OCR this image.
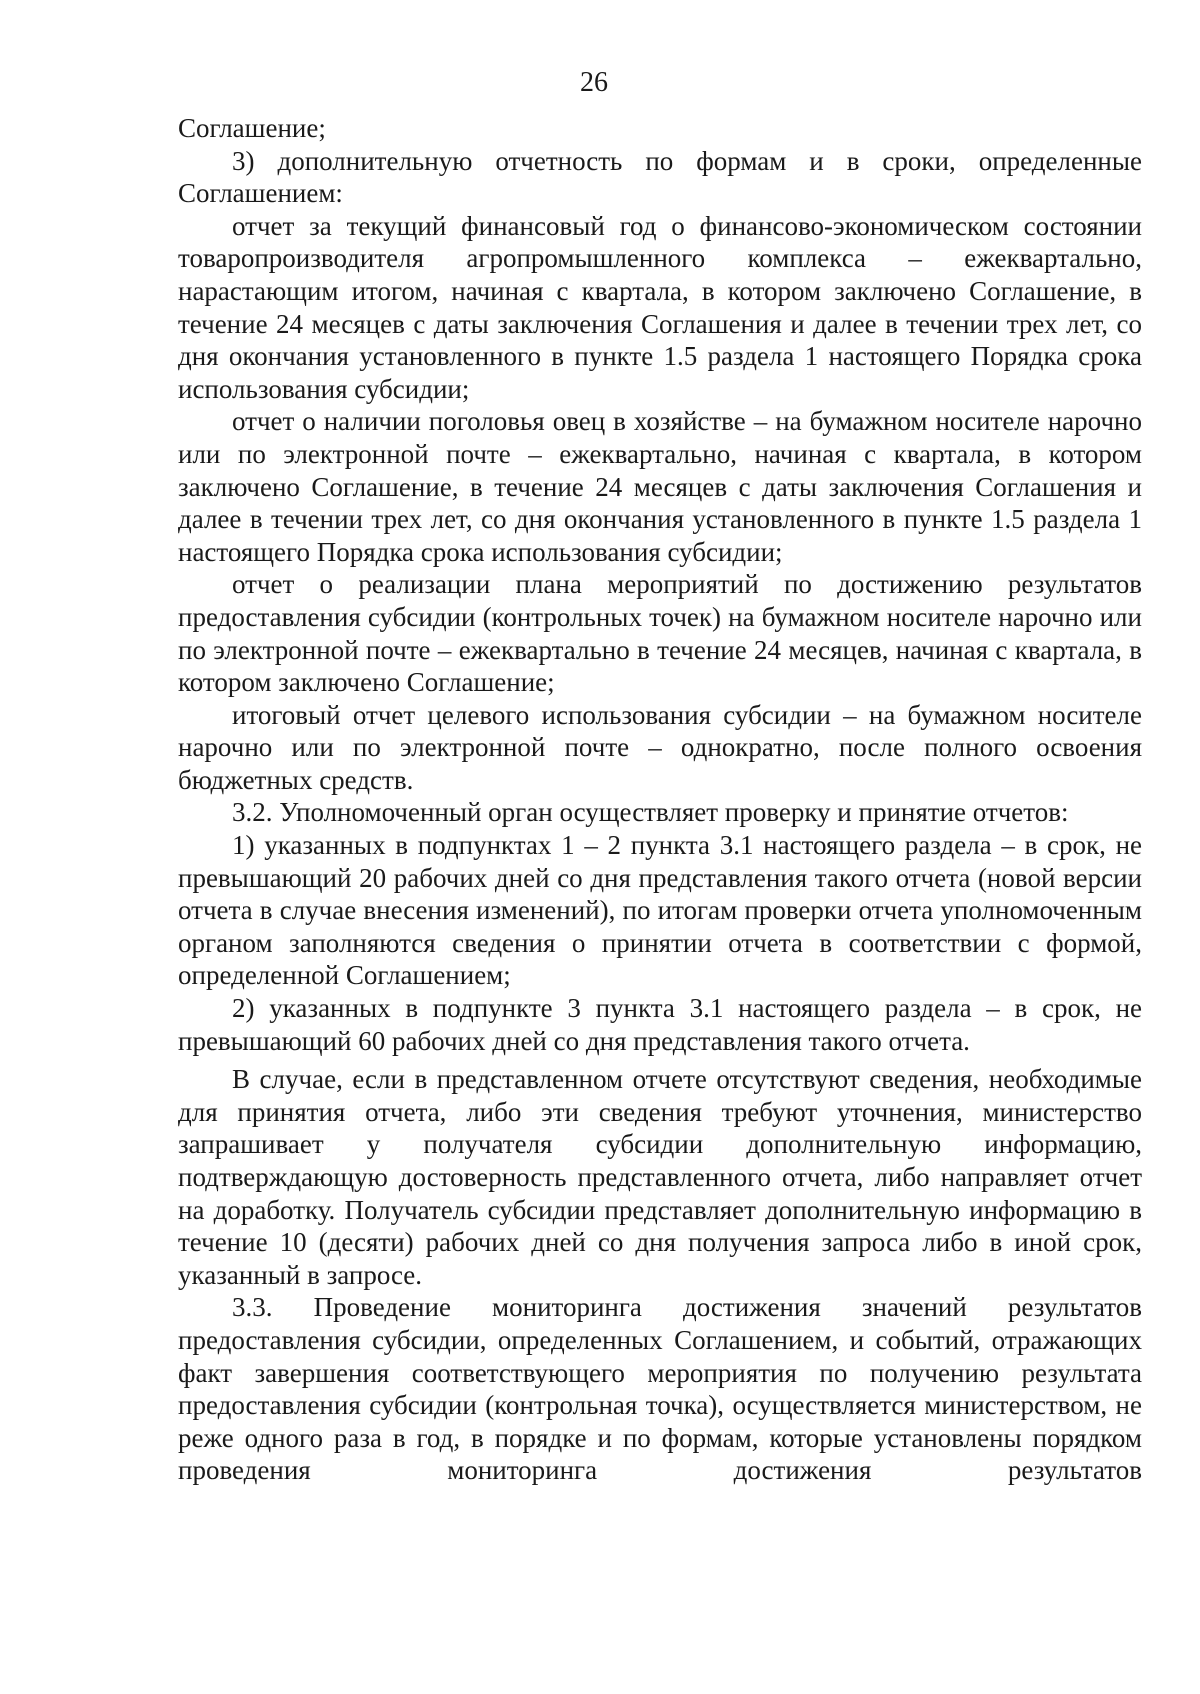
26

Соглашение;

3) дополнительную отчетность по формам и в сроки, определенные Соглашением:

отчет за текущий финансовый год о финансово-экономическом состоянии товаропроизводителя агропромышленного комплекса – ежеквартально, нарастающим итогом, начиная с квартала, в котором заключено Соглашение, в течение 24 месяцев с даты заключения Соглашения и далее в течении трех лет, со дня окончания установленного в пункте 1.5 раздела 1 настоящего Порядка срока использования субсидии;

отчет о наличии поголовья овец в хозяйстве – на бумажном носителе нарочно или по электронной почте – ежеквартально, начиная с квартала, в котором заключено Соглашение, в течение 24 месяцев с даты заключения Соглашения и далее в течении трех лет, со дня окончания установленного в пункте 1.5 раздела 1 настоящего Порядка срока использования субсидии;

отчет о реализации плана мероприятий по достижению результатов предоставления субсидии (контрольных точек) на бумажном носителе нарочно или по электронной почте – ежеквартально в течение 24 месяцев, начиная с квартала, в котором заключено Соглашение;

итоговый отчет целевого использования субсидии – на бумажном носителе нарочно или по электронной почте – однократно, после полного освоения бюджетных средств.

3.2. Уполномоченный орган осуществляет проверку и принятие отчетов:

1) указанных в подпунктах 1 – 2 пункта 3.1 настоящего раздела – в срок, не превышающий 20 рабочих дней со дня представления такого отчета (новой версии отчета в случае внесения изменений), по итогам проверки отчета уполномоченным органом заполняются сведения о принятии отчета в соответствии с формой, определенной Соглашением;

2) указанных в подпункте 3 пункта 3.1 настоящего раздела – в срок, не превышающий 60 рабочих дней со дня представления такого отчета.

В случае, если в представленном отчете отсутствуют сведения, необходимые для принятия отчета, либо эти сведения требуют уточнения, министерство запрашивает у получателя субсидии дополнительную информацию, подтверждающую достоверность представленного отчета, либо направляет отчет на доработку. Получатель субсидии представляет дополнительную информацию в течение 10 (десяти) рабочих дней со дня получения запроса либо в иной срок, указанный в запросе.

3.3. Проведение мониторинга достижения значений результатов предоставления субсидии, определенных Соглашением, и событий, отражающих факт завершения соответствующего мероприятия по получению результата предоставления субсидии (контрольная точка), осуществляется министерством, не реже одного раза в год, в порядке и по формам, которые установлены порядком проведения мониторинга достижения результатов
